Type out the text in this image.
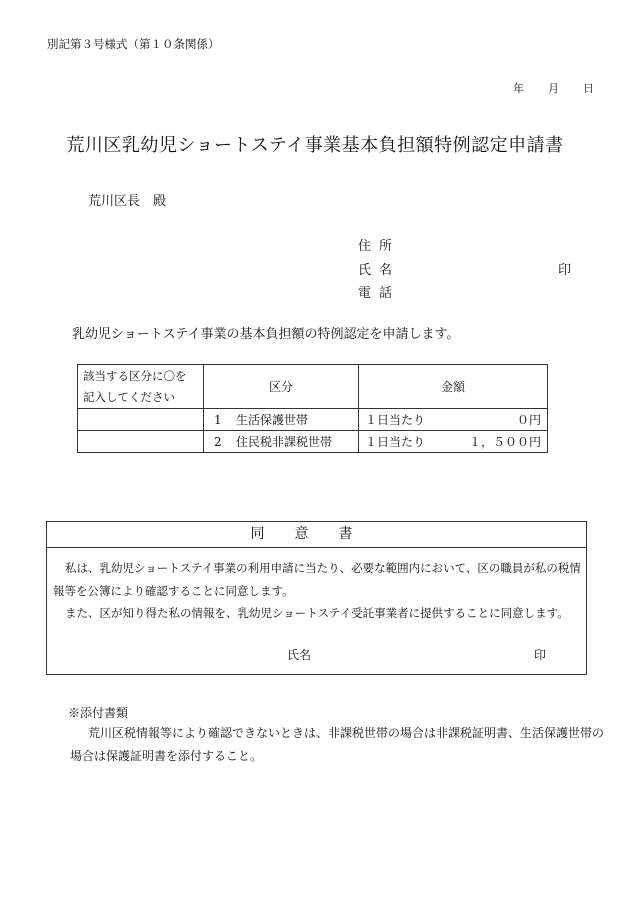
別記第３号様式（第１０条関係）
年 月 日
荒川区乳幼児ショートステイ事業基本負担額特例認定申請書
荒川区長　殿
住所
氏名	印
電話
乳幼児ショートステイ事業の基本負担額の特例認定を申請します。
該当する区分に〇を
記入してください	区分	金額
	1 生活保護世帯	１日当たり ０円

	2 住民税非課税世帯	１日当たり １，５００円
同意書

私は、乳幼児ショートステイ事業の利用申請に当たり、必要な範囲内において、区の職員が私の税情報等を公簿により確認することに同意します。

また、区が知り得た私の情報を、乳幼児ショートステイ受託事業者に提供することに同意します。

氏名	印
※添付書類

荒川区税情報等により確認できないときは、非課税世帯の場合は非課税証明書、生活保護世帯の場合は保護証明書を添付すること。
